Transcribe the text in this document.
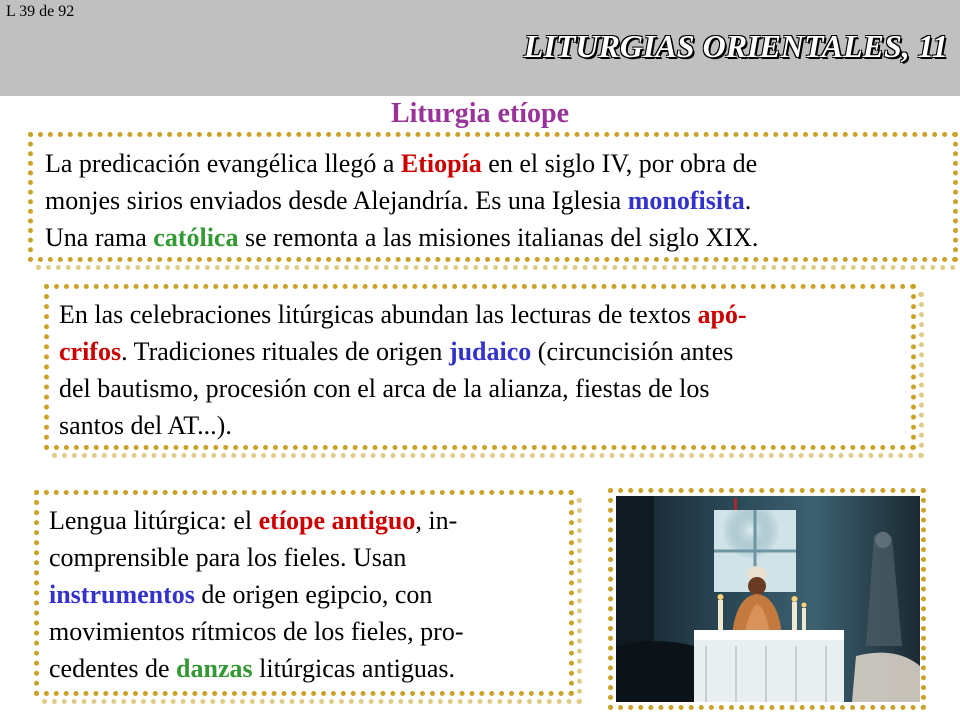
L 39 de 92
LITURGIAS ORIENTALES, 11
Liturgia etíope
La predicación evangélica llegó a Etiopía en el siglo IV, por obra de
monjes sirios enviados desde Alejandría. Es una Iglesia monofisita.
Una rama católica se remonta a las misiones italianas del siglo XIX.
En las celebraciones litúrgicas abundan las lecturas de textos apó-
crifos. Tradiciones rituales de origen judaico (circuncisión antes
del bautismo, procesión con el arca de la alianza, fiestas de los
santos del AT...).
Lengua litúrgica: el etíope antiguo, in-
comprensible para los fieles. Usan
instrumentos de origen egipcio, con
movimientos rítmicos de los fieles, pro-
cedentes de danzas litúrgicas antiguas.
